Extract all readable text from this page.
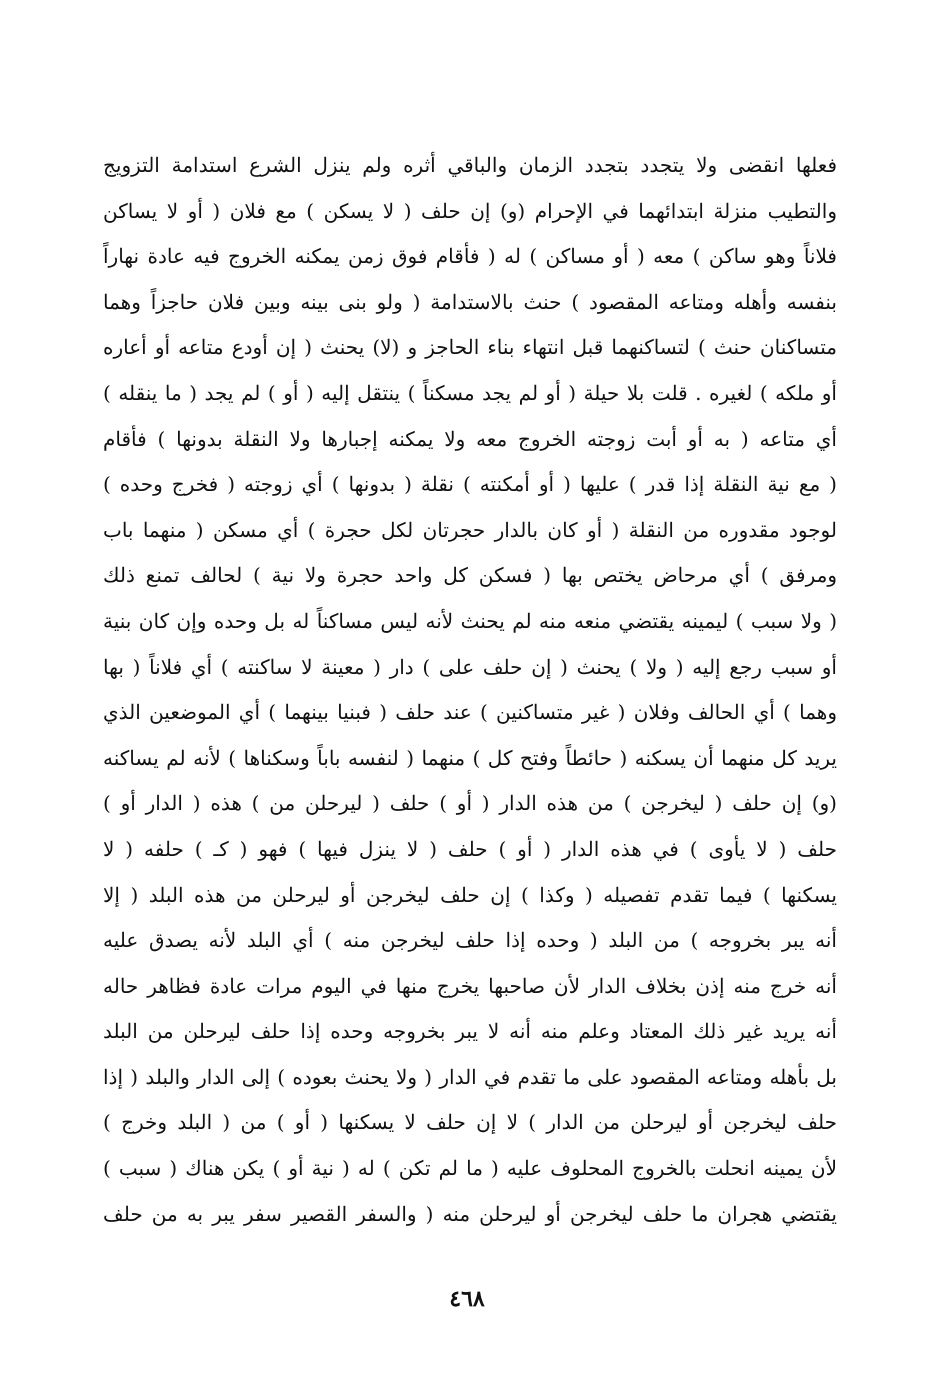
فعلها انقضى ولا يتجدد بتجدد الزمان والباقي أثره ولم ينزل الشرع استدامة التزويج
والتطيب منزلة ابتدائهما في الإحرام (و) إن حلف ( لا يسكن ) مع فلان ( أو لا يساكن
فلاناً وهو ساكن ) معه ( أو مساكن ) له ( فأقام فوق زمن يمكنه الخروج فيه عادة نهاراً
بنفسه وأهله ومتاعه المقصود ) حنث بالاستدامة ( ولو بنى بينه وبين فلان حاجزاً وهما
متساكنان حنث ) لتساكنهما قبل انتهاء بناء الحاجز و (لا) يحنث ( إن أودع متاعه أو أعاره
أو ملكه ) لغيره . قلت بلا حيلة ( أو لم يجد مسكناً ) ينتقل إليه ( أو ) لم يجد ( ما ينقله )
أي متاعه ( به أو أبت زوجته الخروج معه ولا يمكنه إجبارها ولا النقلة بدونها ) فأقام
( مع نية النقلة إذا قدر ) عليها ( أو أمكنته ) نقلة ( بدونها ) أي زوجته ( فخرج وحده )
لوجود مقدوره من النقلة ( أو كان بالدار حجرتان لكل حجرة ) أي مسكن ( منهما باب
ومرفق ) أي مرحاض يختص بها ( فسكن كل واحد حجرة ولا نية ) لحالف تمنع ذلك
( ولا سبب ) ليمينه يقتضي منعه منه لم يحنث لأنه ليس مساكناً له بل وحده وإن كان بنية
أو سبب رجع إليه ( ولا ) يحنث ( إن حلف على ) دار ( معينة لا ساكنته ) أي فلاناً ( بها
وهما ) أي الحالف وفلان ( غير متساكنين ) عند حلف ( فبنيا بينهما ) أي الموضعين الذي
يريد كل منهما أن يسكنه ( حائطاً وفتح كل ) منهما ( لنفسه باباً وسكناها ) لأنه لم يساكنه
(و) إن حلف ( ليخرجن ) من هذه الدار ( أو ) حلف ( ليرحلن من ) هذه ( الدار أو )
حلف ( لا يأوى ) في هذه الدار ( أو ) حلف ( لا ينزل فيها ) فهو ( كـ ) حلفه ( لا
يسكنها ) فيما تقدم تفصيله ( وكذا ) إن حلف ليخرجن أو ليرحلن من هذه البلد ( إلا
أنه يبر بخروجه ) من البلد ( وحده إذا حلف ليخرجن منه ) أي البلد لأنه يصدق عليه
أنه خرج منه إذن بخلاف الدار لأن صاحبها يخرج منها في اليوم مرات عادة فظاهر حاله
أنه يريد غير ذلك المعتاد وعلم منه أنه لا يبر بخروجه وحده إذا حلف ليرحلن من البلد
بل بأهله ومتاعه المقصود على ما تقدم في الدار ( ولا يحنث بعوده ) إلى الدار والبلد ( إذا
حلف ليخرجن أو ليرحلن من الدار ) لا إن حلف لا يسكنها ( أو ) من ( البلد وخرج )
لأن يمينه انحلت بالخروج المحلوف عليه ( ما لم تكن ) له ( نية أو ) يكن هناك ( سبب )
يقتضي هجران ما حلف ليخرجن أو ليرحلن منه ( والسفر القصير سفر يبر به من حلف
٤٦٨
